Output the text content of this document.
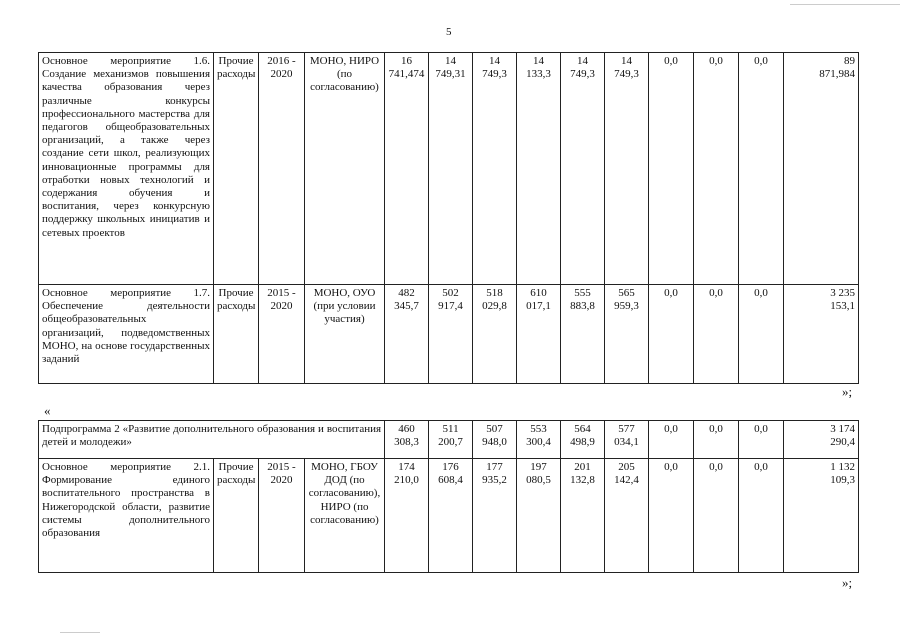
5
Основное мероприятие 1.6. Создание механизмов повышения качества образования через различные конкурсы профессионального мастерства для педагогов общеобразовательных организаций, а также через создание сети школ, реализующих инновационные программы для отработки новых технологий и содержания обучения и воспитания, через конкурсную поддержку школьных инициатив и сетевых проектов	Прочие расходы	2016 - 2020	МОНО, НИРО (по согласованию)	16
741,474	14
749,31	14
749,3	14
133,3	14
749,3	14
749,3	0,0	0,0	0,0	89
871,984
Основное мероприятие 1.7. Обеспечение деятельности общеобразовательных организаций, подведомственных МОНО, на основе государственных заданий	Прочие расходы	2015 - 2020	МОНО, ОУО (при условии участия)	482
345,7	502
917,4	518
029,8	610
017,1	555
883,8	565
959,3	0,0	0,0	0,0	3 235
153,1
»;
«
Подпрограмма 2 «Развитие дополнительного образования и воспитания детей и молодежи»				460
308,3	511
200,7	507
948,0	553
300,4	564
498,9	577
034,1	0,0	0,0	0,0	3 174
290,4
Основное мероприятие 2.1. Формирование единого воспитательного пространства в Нижегородской области, развитие системы дополнительного образования	Прочие расходы	2015 - 2020	МОНО, ГБОУ ДОД (по согласованию), НИРО (по согласованию)	174
210,0	176
608,4	177
935,2	197
080,5	201
132,8	205
142,4	0,0	0,0	0,0	1 132
109,3
»;
